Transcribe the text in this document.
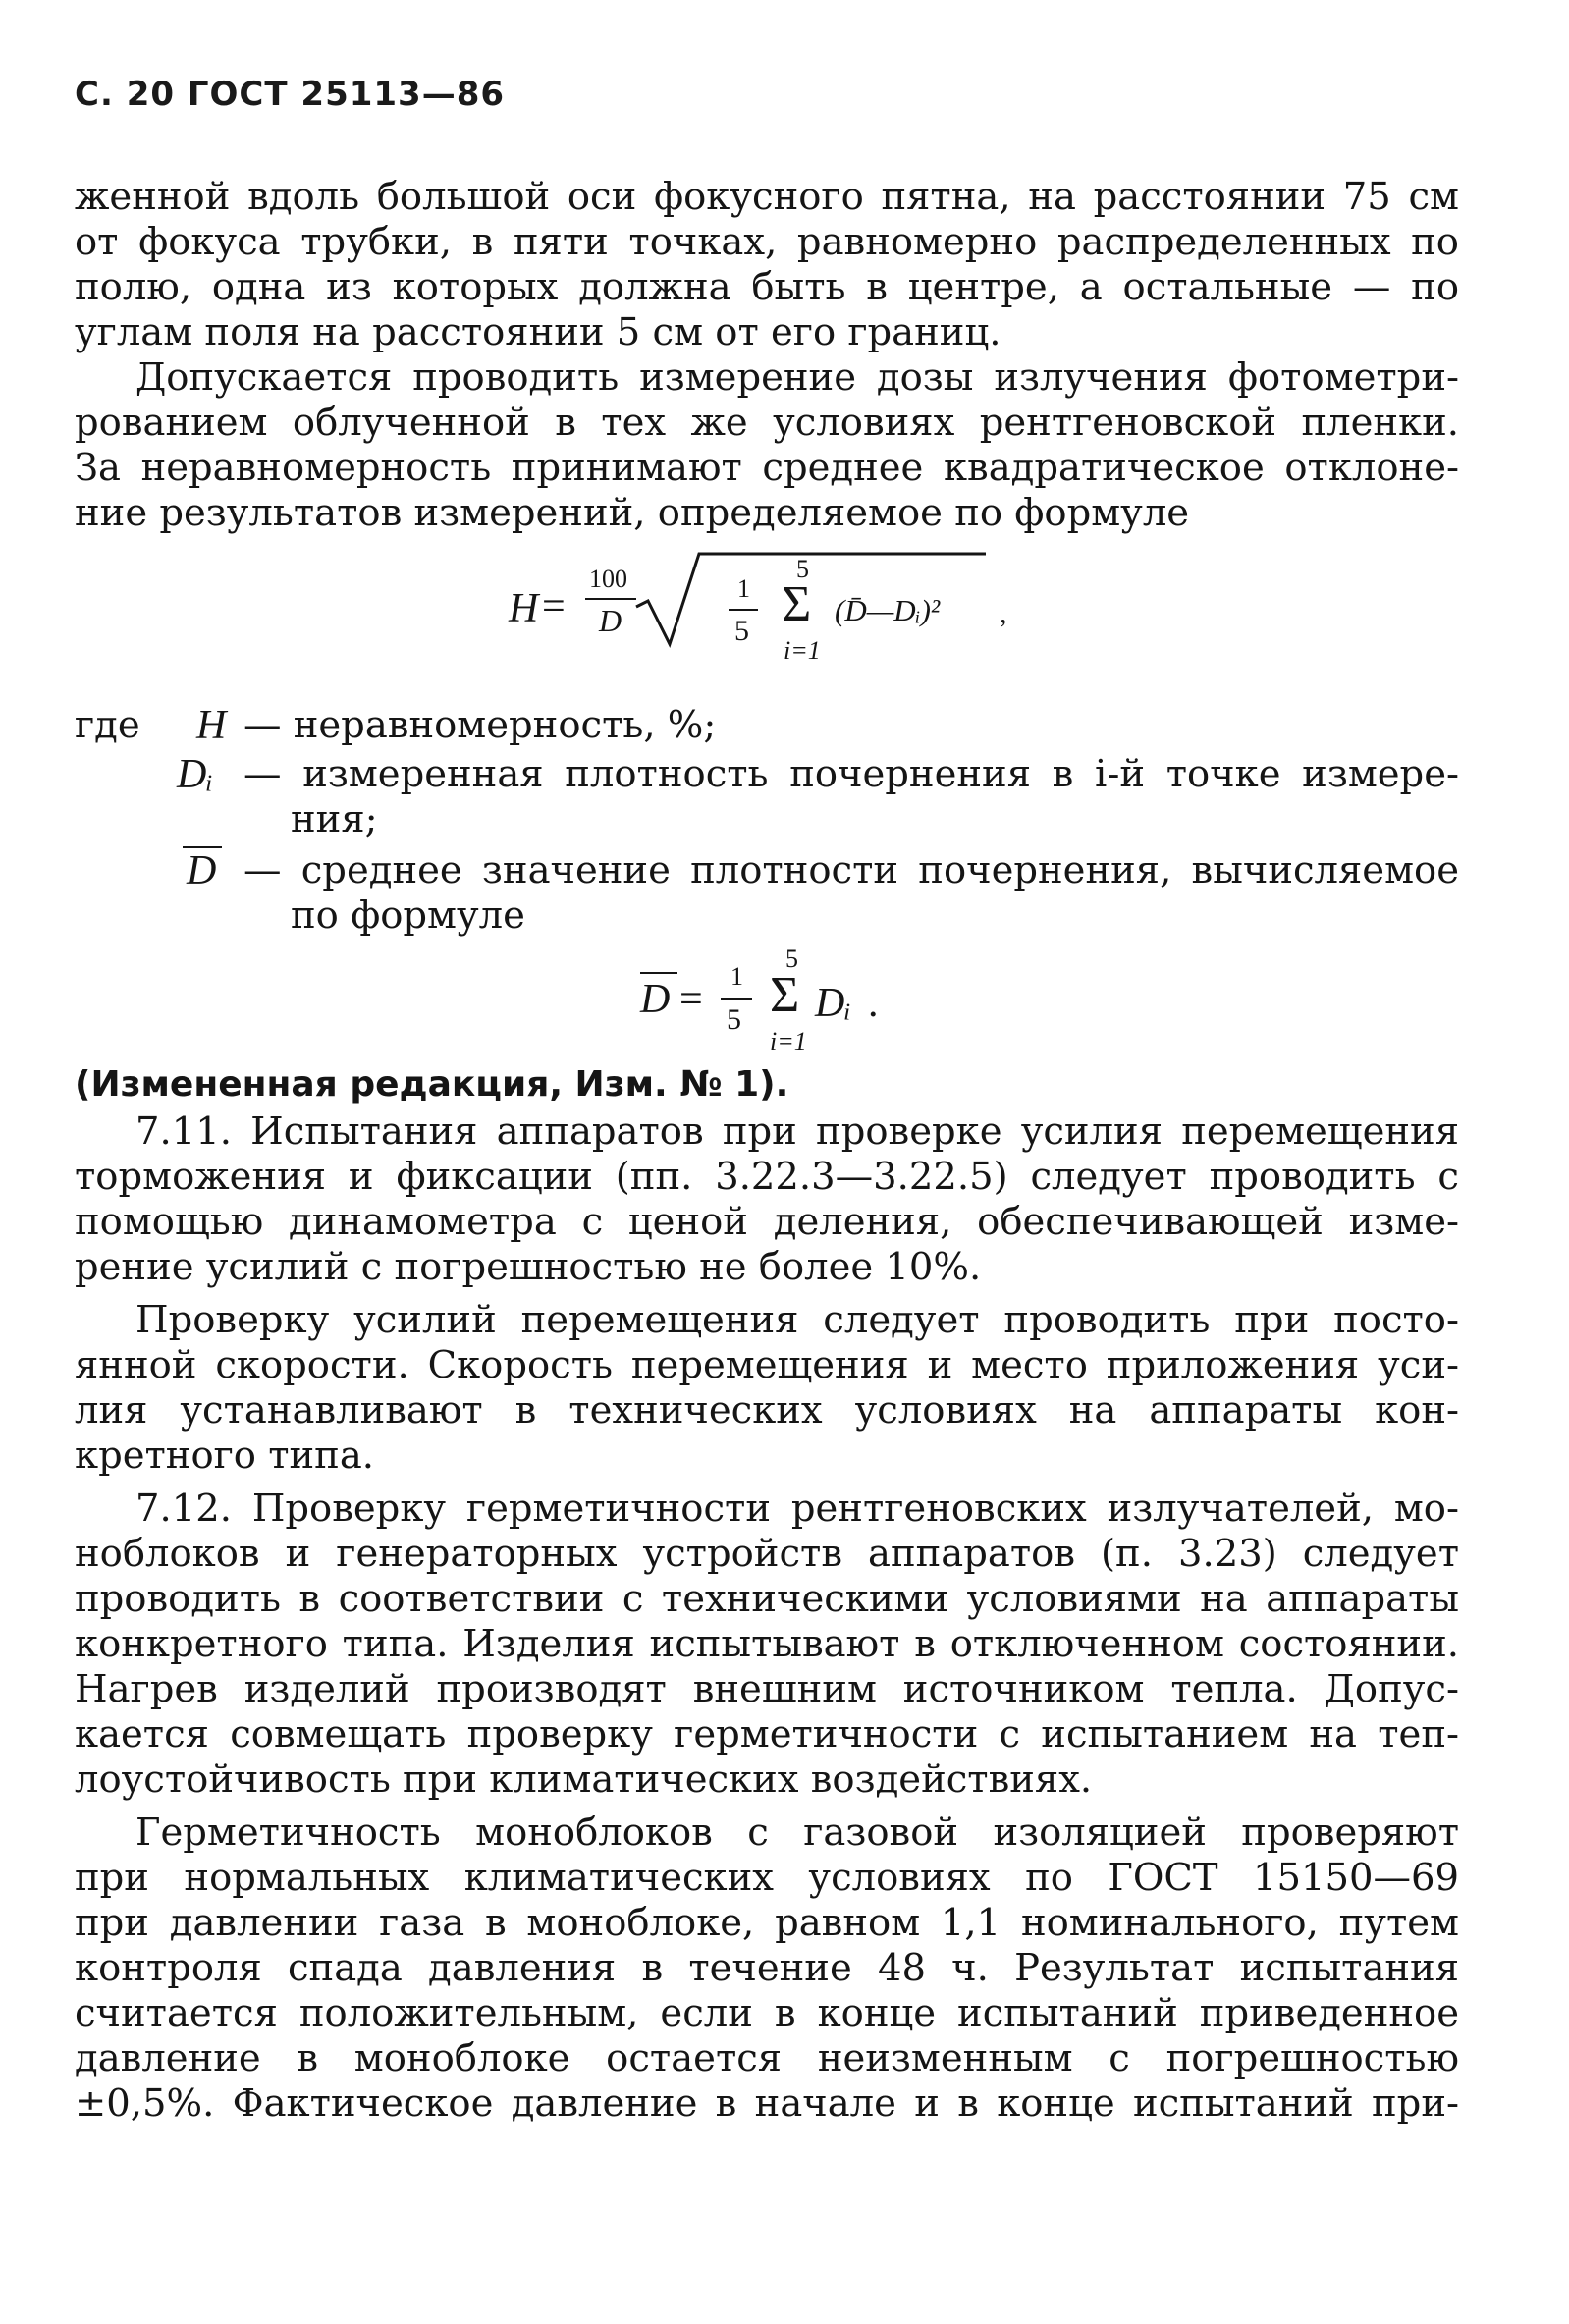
С. 20 ГОСТ 25113—86
женной вдоль большой оси фокусного пятна, на расстоянии 75 см
от фокуса трубки, в пяти точках, равномерно распределенных по
полю, одна из которых должна быть в центре, а остальные — по
углам поля на расстоянии 5 см от его границ.
Допускается проводить измерение дозы излучения фотометри-
рованием облученной в тех же условиях рентгеновской пленки.
За неравномерность принимают среднее квадратическое отклоне-
ние результатов измерений, определяемое по формуле
H =
100
D
1
5
5
Σ
i=1
(D̄—Dᵢ)² ,
где H — неравномерность, %;
Dᵢ — измеренная плотность почернения в i-й точке измере-
ния;
D — среднее значение плотности почернения, вычисляемое
по формуле
D =
1
5
5
Σ
i=1
Dᵢ .
(Измененная редакция, Изм. № 1).
7.11. Испытания аппаратов при проверке усилия перемещения
торможения и фиксации (пп. 3.22.3—3.22.5) следует проводить с
помощью динамометра с ценой деления, обеспечивающей изме-
рение усилий с погрешностью не более 10%.
Проверку усилий перемещения следует проводить при посто-
янной скорости. Скорость перемещения и место приложения уси-
лия устанавливают в технических условиях на аппараты кон-
кретного типа.
7.12. Проверку герметичности рентгеновских излучателей, мо-
ноблоков и генераторных устройств аппаратов (п. 3.23) следует
проводить в соответствии с техническими условиями на аппараты
конкретного типа. Изделия испытывают в отключенном состоянии.
Нагрев изделий производят внешним источником тепла. Допус-
кается совмещать проверку герметичности с испытанием на теп-
лоустойчивость при климатических воздействиях.
Герметичность моноблоков с газовой изоляцией проверяют
при нормальных климатических условиях по ГОСТ 15150—69
при давлении газа в моноблоке, равном 1,1 номинального, путем
контроля спада давления в течение 48 ч. Результат испытания
считается положительным, если в конце испытаний приведенное
давление в моноблоке остается неизменным с погрешностью
±0,5%. Фактическое давление в начале и в конце испытаний при-
